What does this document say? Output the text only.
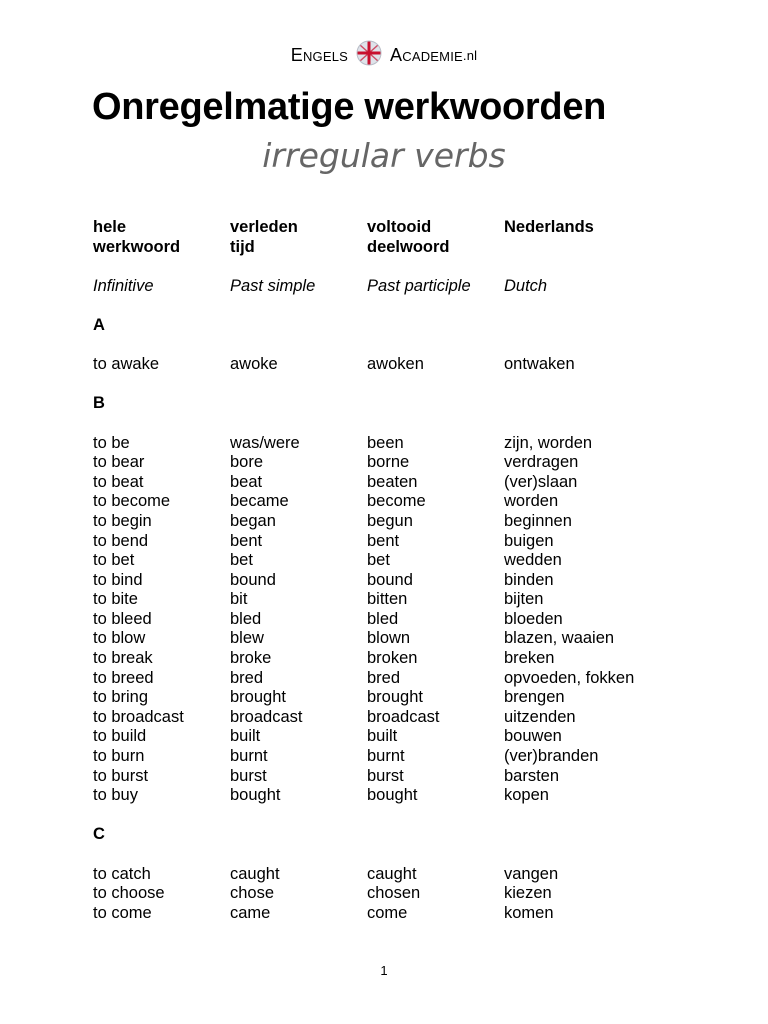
Engels Academie .nl
Onregelmatige werkwoorden
irregular verbs
hele	verleden	voltooid	Nederlands
werkwoord	tijd	deelwoord

Infinitive	Past simple	Past participle	Dutch
A
to awake	awoke	awoken	ontwaken
B
to be	was/were	been	zijn, worden
to bear	bore	borne	verdragen
to beat	beat	beaten	(ver)slaan
to become	became	become	worden
to begin	began	begun	beginnen
to bend	bent	bent	buigen
to bet	bet	bet	wedden
to bind	bound	bound	binden
to bite	bit	bitten	bijten
to bleed	bled	bled	bloeden
to blow	blew	blown	blazen, waaien
to break	broke	broken	breken
to breed	bred	bred	opvoeden, fokken
to bring	brought	brought	brengen
to broadcast	broadcast	broadcast	uitzenden
to build	built	built	bouwen
to burn	burnt	burnt	(ver)branden
to burst	burst	burst	barsten
to buy	bought	bought	kopen
C
to catch	caught	caught	vangen
to choose	chose	chosen	kiezen
to come	came	come	komen
1
